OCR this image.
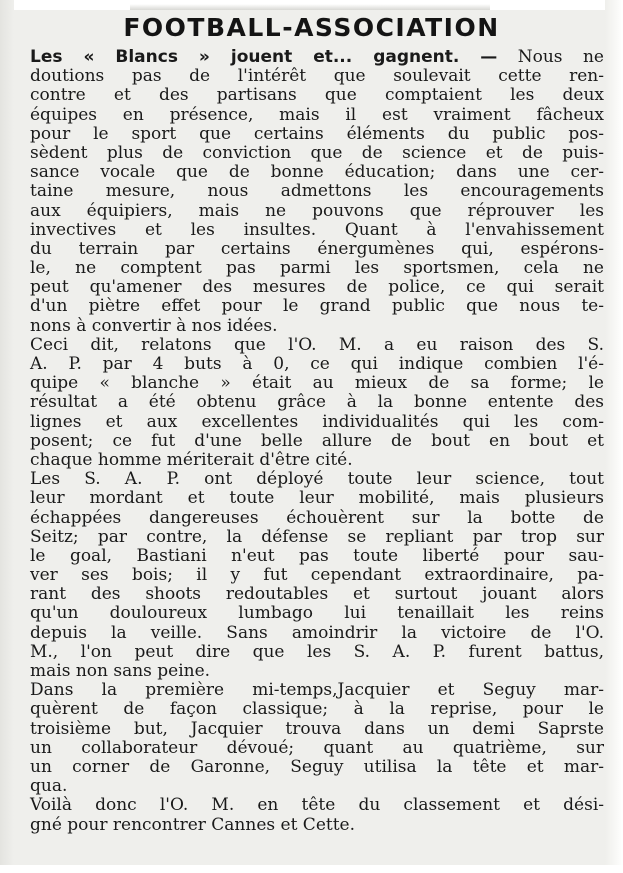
FOOTBALL-ASSOCIATION
Les « Blancs » jouent et... gagnent. — Nous ne
doutions pas de l'intérêt que soulevait cette ren-
contre et des partisans que comptaient les deux
équipes en présence, mais il est vraiment fâcheux
pour le sport que certains éléments du public pos-
sèdent plus de conviction que de science et de puis-
sance vocale que de bonne éducation; dans une cer-
taine mesure, nous admettons les encouragements
aux équipiers, mais ne pouvons que réprouver les
invectives et les insultes. Quant à l'envahissement
du terrain par certains énergumènes qui, espérons-
le, ne comptent pas parmi les sportsmen, cela ne
peut qu'amener des mesures de police, ce qui serait
d'un piètre effet pour le grand public que nous te-
nons à convertir à nos idées.
Ceci dit, relatons que l'O. M. a eu raison des S.
A. P. par 4 buts à 0, ce qui indique combien l'é-
quipe « blanche » était au mieux de sa forme; le
résultat a été obtenu grâce à la bonne entente des
lignes et aux excellentes individualités qui les com-
posent; ce fut d'une belle allure de bout en bout et
chaque homme mériterait d'être cité.
Les S. A. P. ont déployé toute leur science, tout
leur mordant et toute leur mobilité, mais plusieurs
échappées dangereuses échouèrent sur la botte de
Seitz; par contre, la défense se repliant par trop sur
le goal, Bastiani n'eut pas toute liberté pour sau-
ver ses bois; il y fut cependant extraordinaire, pa-
rant des shoots redoutables et surtout jouant alors
qu'un douloureux lumbago lui tenaillait les reins
depuis la veille. Sans amoindrir la victoire de l'O.
M., l'on peut dire que les S. A. P. furent battus,
mais non sans peine.
Dans la première mi-temps,Jacquier et Seguy mar-
quèrent de façon classique; à la reprise, pour le
troisième but, Jacquier trouva dans un demi Saprste
un collaborateur dévoué; quant au quatrième, sur
un corner de Garonne, Seguy utilisa la tête et mar-
qua.
Voilà donc l'O. M. en tête du classement et dési-
gné pour rencontrer Cannes et Cette.
